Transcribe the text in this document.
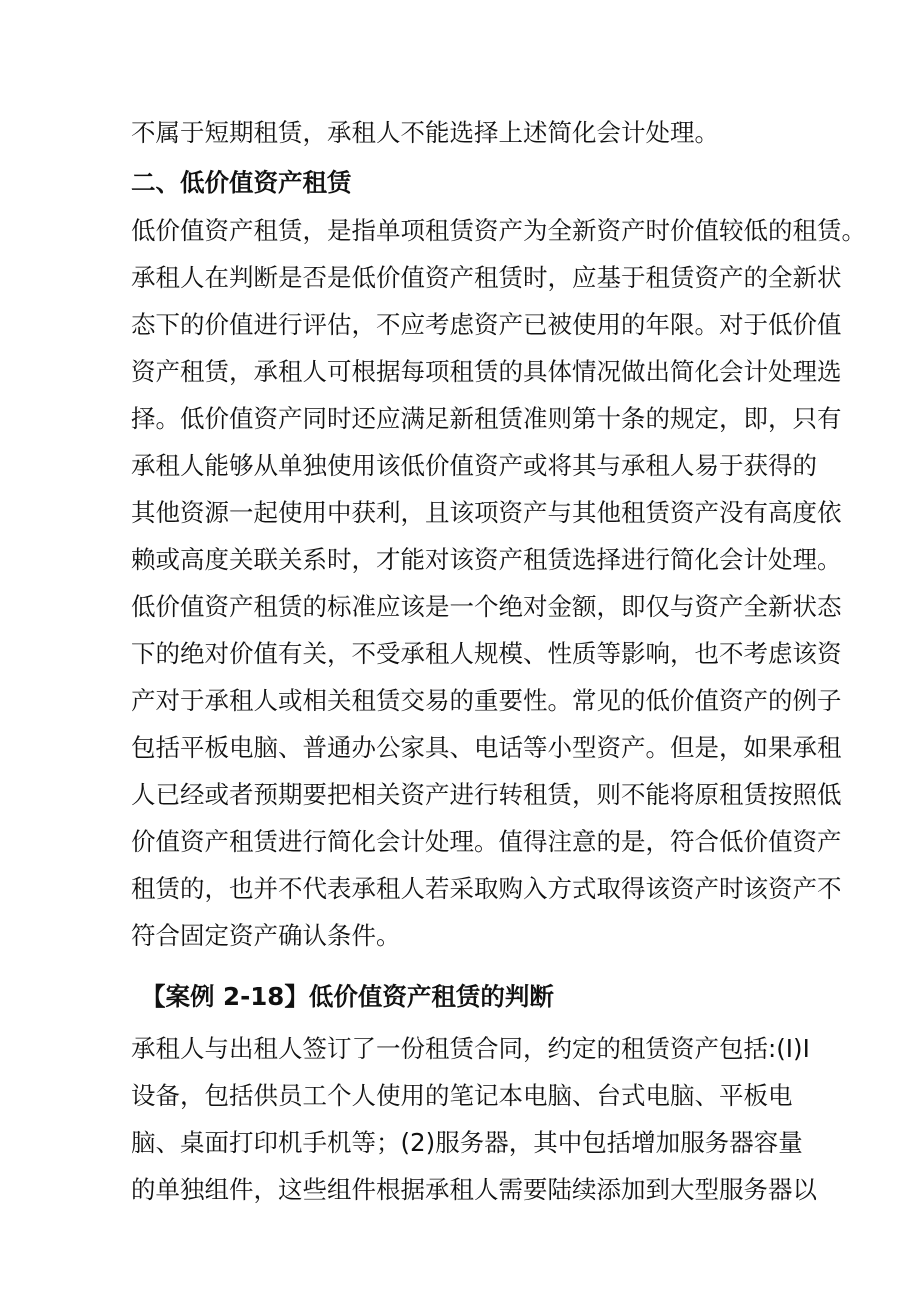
不属于短期租赁，承租人不能选择上述简化会计处理。
二、低价值资产租赁
低价值资产租赁，是指单项租赁资产为全新资产时价值较低的租赁。
承租人在判断是否是低价值资产租赁时，应基于租赁资产的全新状
态下的价值进行评估，不应考虑资产已被使用的年限。对于低价值
资产租赁，承租人可根据每项租赁的具体情况做出简化会计处理选
择。低价值资产同时还应满足新租赁准则第十条的规定，即，只有
承租人能够从单独使用该低价值资产或将其与承租人易于获得的
其他资源一起使用中获利，且该项资产与其他租赁资产没有高度依
赖或高度关联关系时，才能对该资产租赁选择进行简化会计处理。
低价值资产租赁的标准应该是一个绝对金额，即仅与资产全新状态
下的绝对价值有关，不受承租人规模、性质等影响，也不考虑该资
产对于承租人或相关租赁交易的重要性。常见的低价值资产的例子
包括平板电脑、普通办公家具、电话等小型资产。但是，如果承租
人已经或者预期要把相关资产进行转租赁，则不能将原租赁按照低
价值资产租赁进行简化会计处理。值得注意的是，符合低价值资产
租赁的，也并不代表承租人若采取购入方式取得该资产时该资产不
符合固定资产确认条件。
【案例 2-18】低价值资产租赁的判断
承租人与出租人签订了一份租赁合同，约定的租赁资产包括:(I)I
设备，包括供员工个人使用的笔记本电脑、台式电脑、平板电
脑、桌面打印机手机等；(2)服务器，其中包括增加服务器容量
的单独组件，这些组件根据承租人需要陆续添加到大型服务器以
